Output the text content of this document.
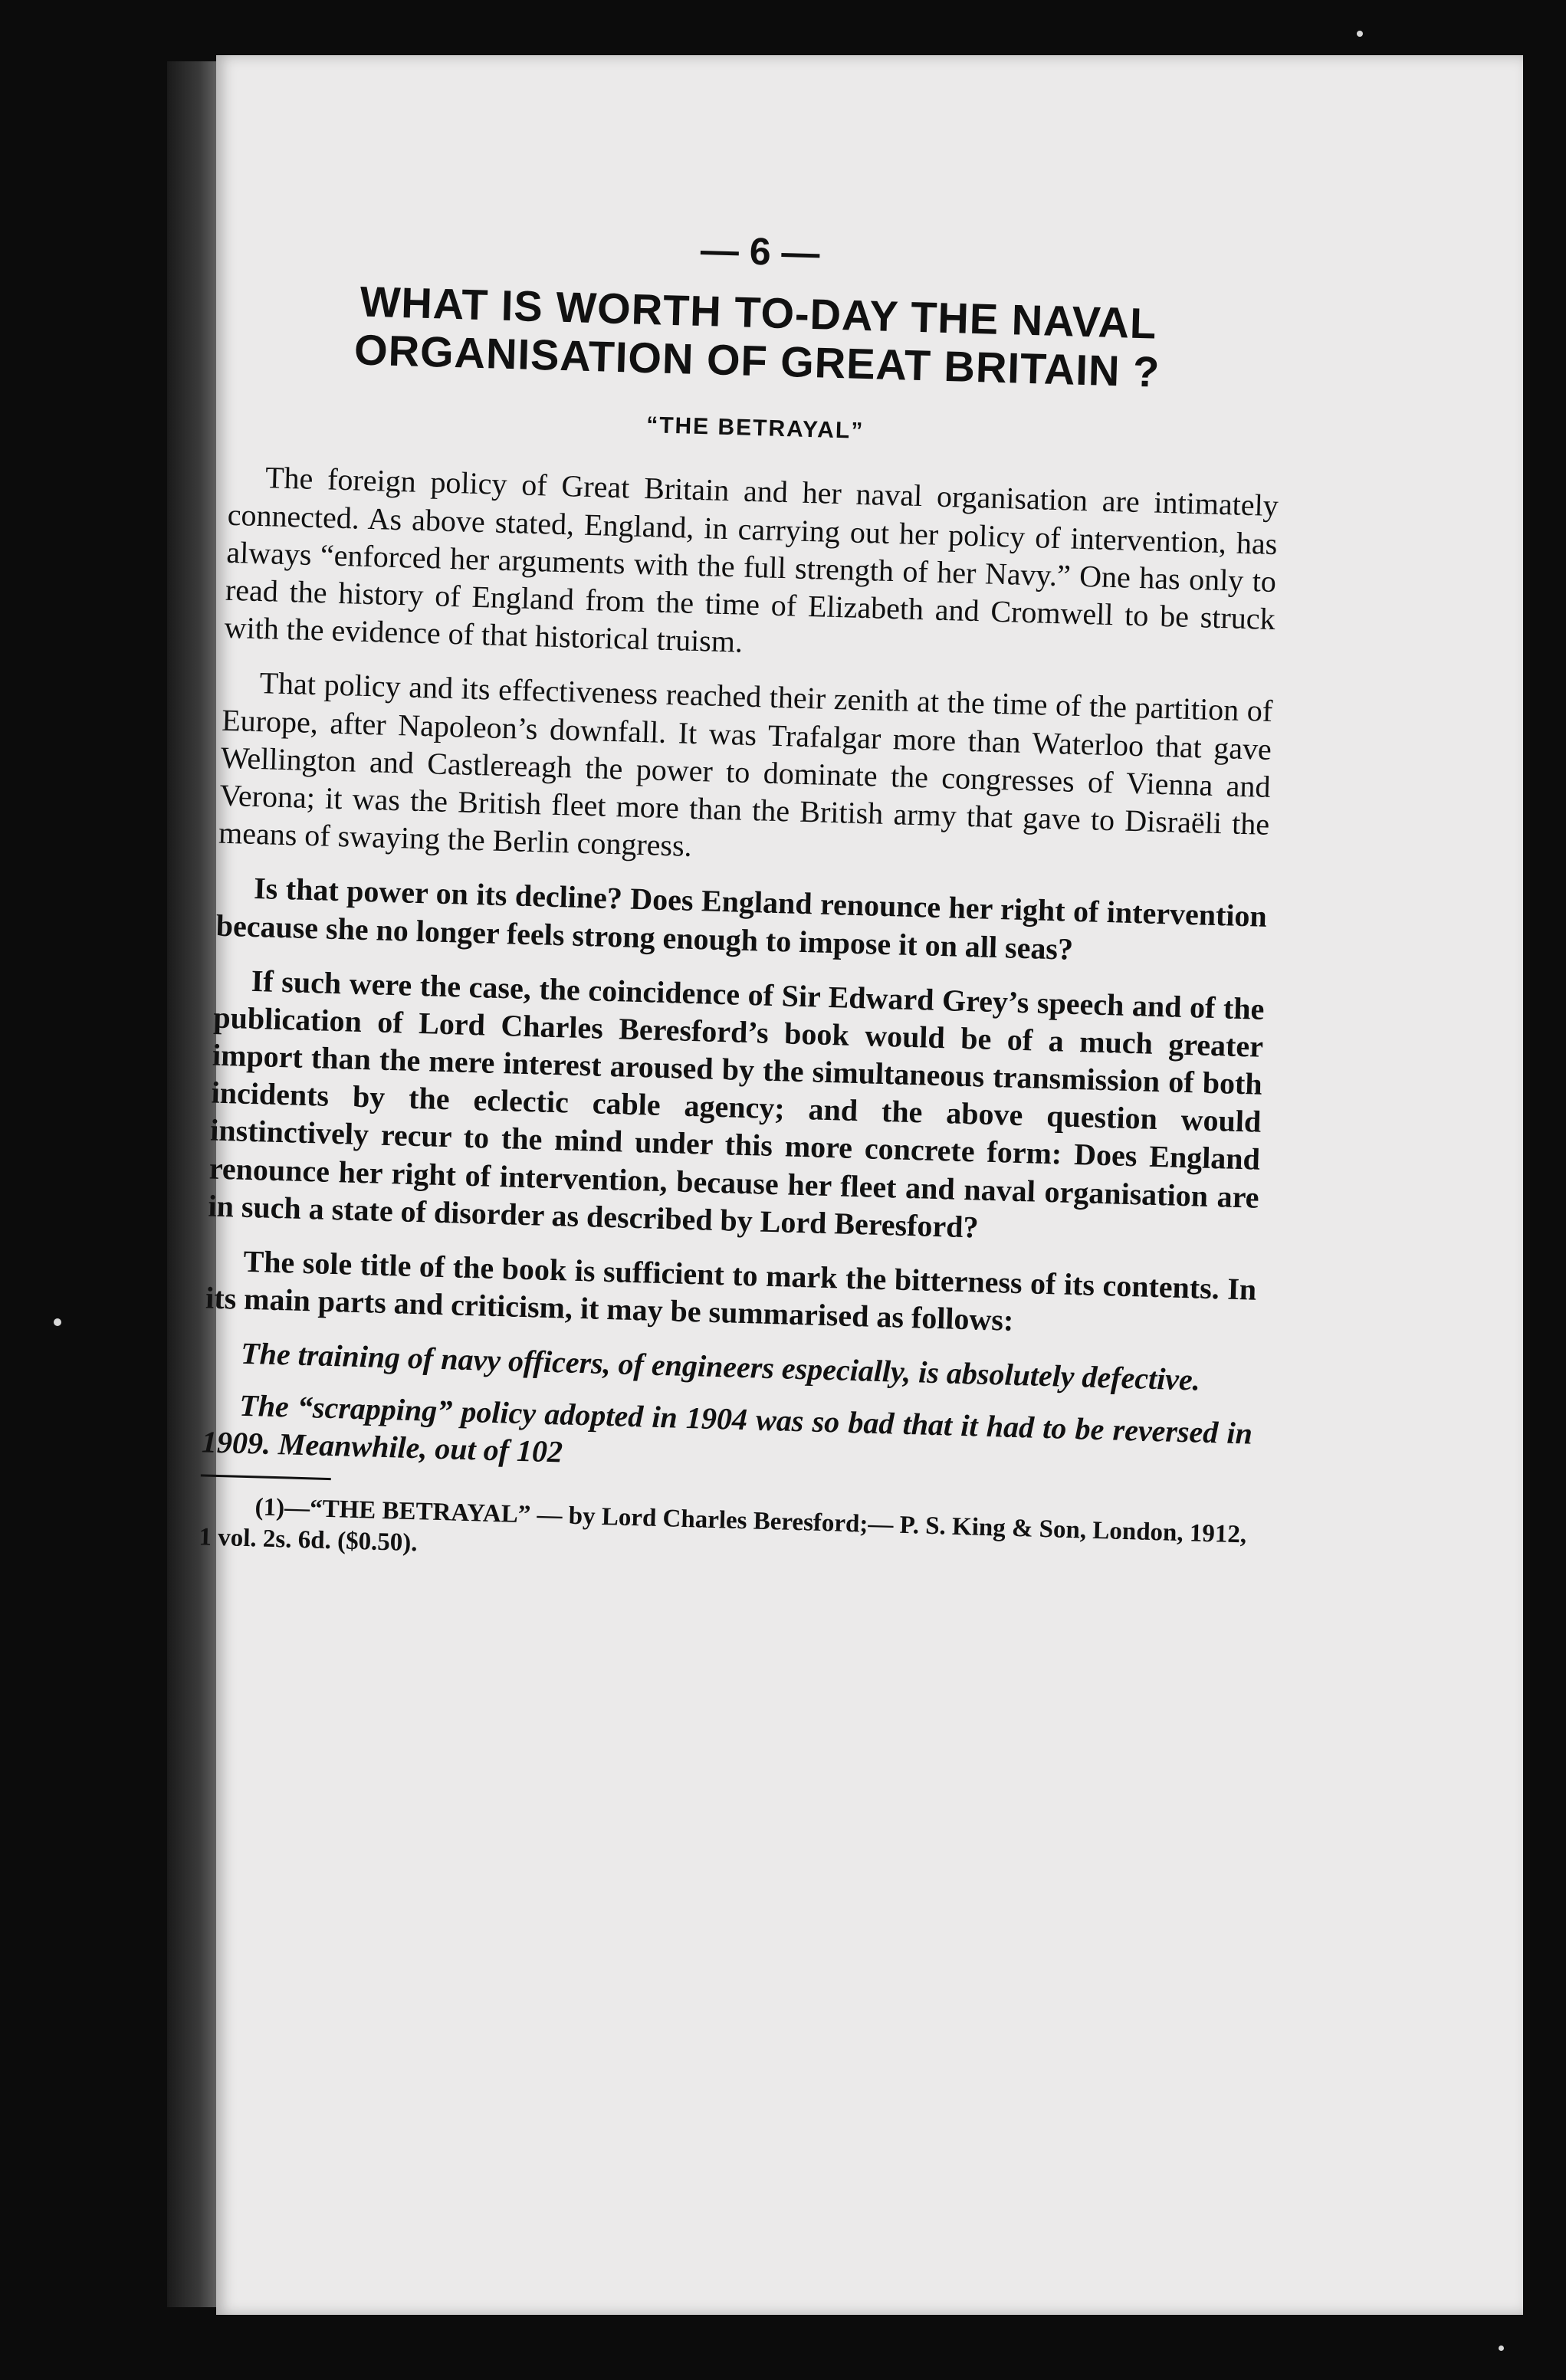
— 6 —
WHAT IS WORTH TO-DAY THE NAVAL ORGANISATION OF GREAT BRITAIN ?
“THE BETRAYAL”

The foreign policy of Great Britain and her naval organisation are intimately connected. As above stated, England, in carrying out her policy of intervention, has always “enforced her arguments with the full strength of her Navy.” One has only to read the history of England from the time of Elizabeth and Cromwell to be struck with the evidence of that historical truism.

That policy and its effectiveness reached their zenith at the time of the partition of Europe, after Napoleon’s downfall. It was Trafalgar more than Waterloo that gave Wellington and Castlereagh the power to dominate the congresses of Vienna and Verona; it was the British fleet more than the British army that gave to Disraëli the means of swaying the Berlin congress.

Is that power on its decline? Does England renounce her right of intervention because she no longer feels strong enough to impose it on all seas?

If such were the case, the coincidence of Sir Edward Grey’s speech and of the publication of Lord Charles Beresford’s book would be of a much greater import than the mere interest aroused by the simultaneous transmission of both incidents by the eclectic cable agency; and the above question would instinctively recur to the mind under this more concrete form: Does England renounce her right of intervention, because her fleet and naval organisation are in such a state of disorder as described by Lord Beresford?

The sole title of the book is sufficient to mark the bitterness of its contents. In its main parts and criticism, it may be summarised as follows:

The training of navy officers, of engineers especially, is absolutely defective.

The “scrapping” policy adopted in 1904 was so bad that it had to be reversed in 1909. Meanwhile, out of 102

(1)—“THE BETRAYAL” — by Lord Charles Beresford;— P. S. King & Son, London, 1912, 1 vol. 2s. 6d. ($0.50).
